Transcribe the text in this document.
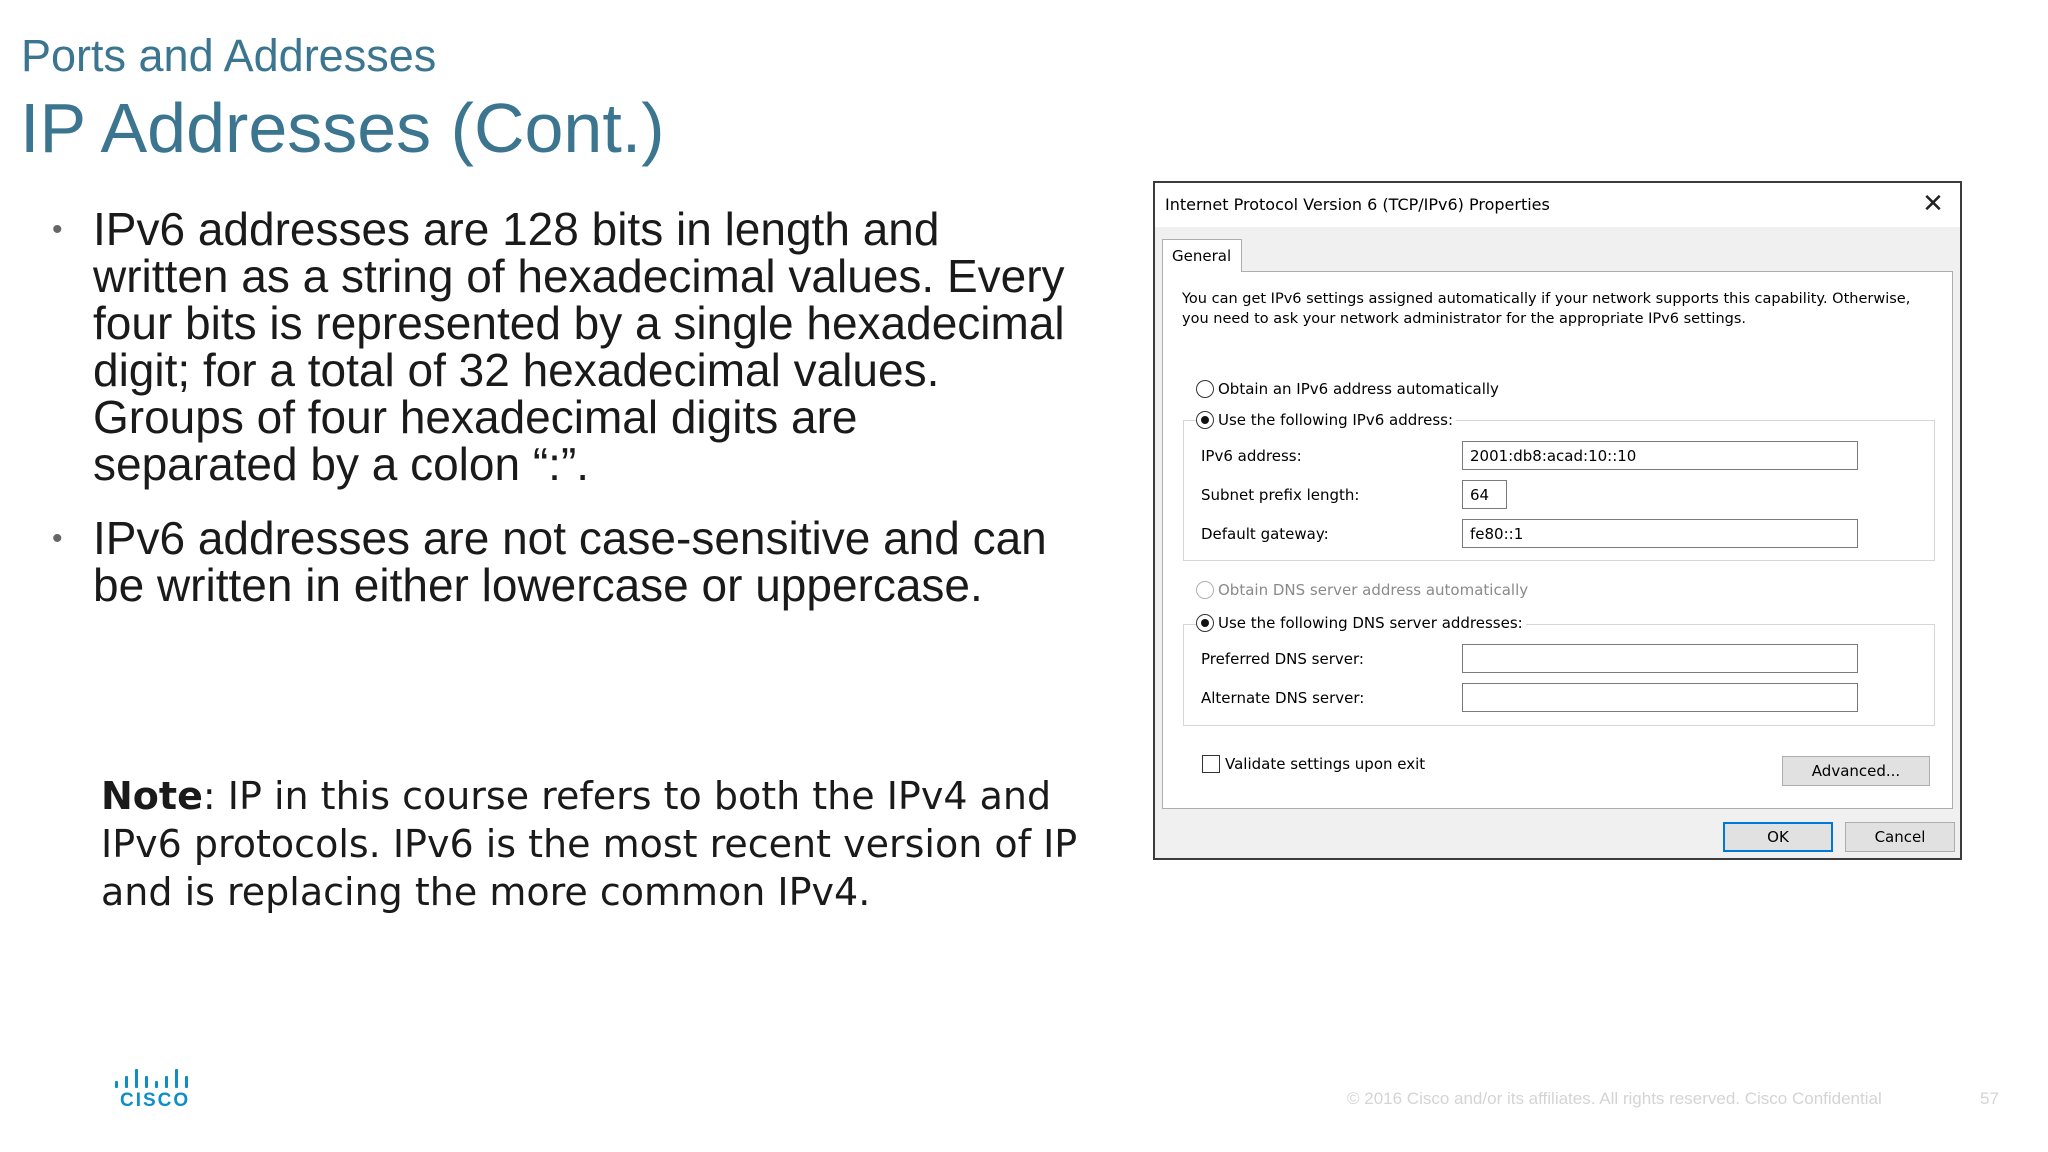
Ports and Addresses
IP Addresses (Cont.)
• IPv6 addresses are 128 bits in length and written as a string of hexadecimal values. Every four bits is represented by a single hexadecimal digit; for a total of 32 hexadecimal values. Groups of four hexadecimal digits are separated by a colon “:”.
• IPv6 addresses are not case-sensitive and can be written in either lowercase or uppercase.
Note: IP in this course refers to both the IPv4 and IPv6 protocols. IPv6 is the most recent version of IP and is replacing the more common IPv4.
Internet Protocol Version 6 (TCP/IPv6) Properties	✕
General
You can get IPv6 settings assigned automatically if your network supports this capability. Otherwise, you need to ask your network administrator for the appropriate IPv6 settings.
Obtain an IPv6 address automatically
Use the following IPv6 address:
IPv6 address:	2001:db8:acad:10::10
Subnet prefix length:	64
Default gateway:	fe80::1
Obtain DNS server address automatically
Use the following DNS server addresses:
Preferred DNS server:
Alternate DNS server:
Validate settings upon exit	Advanced...
OK	Cancel
CISCO	© 2016 Cisco and/or its affiliates. All rights reserved. Cisco Confidential	57
